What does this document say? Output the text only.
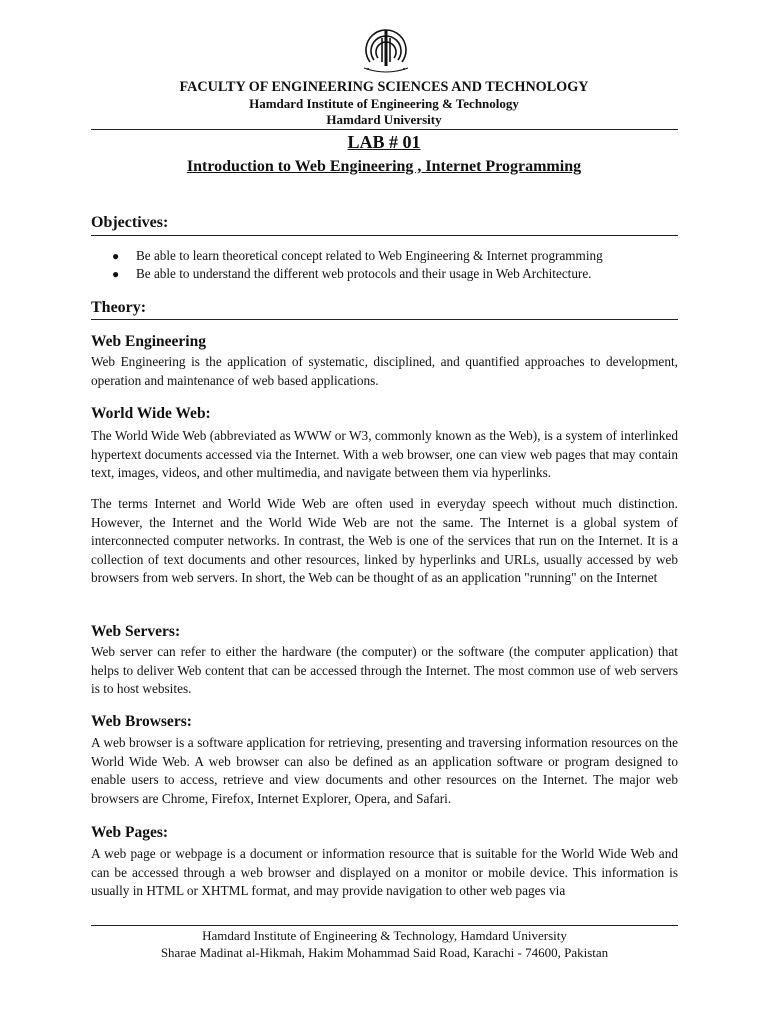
FACULTY OF ENGINEERING SCIENCES AND TECHNOLOGY
Hamdard Institute of Engineering & Technology
Hamdard University
LAB # 01
Introduction to Web Engineering , Internet Programming
Objectives:
● Be able to learn theoretical concept related to Web Engineering & Internet programming
● Be able to understand the different web protocols and their usage in Web Architecture.
Theory:
Web Engineering

Web Engineering is the application of systematic, disciplined, and quantified approaches to development, operation and maintenance of web based applications.

World Wide Web:

The World Wide Web (abbreviated as WWW or W3, commonly known as the Web), is a system of interlinked hypertext documents accessed via the Internet. With a web browser, one can view web pages that may contain text, images, videos, and other multimedia, and navigate between them via hyperlinks.

The terms Internet and World Wide Web are often used in everyday speech without much distinction. However, the Internet and the World Wide Web are not the same. The Internet is a global system of interconnected computer networks. In contrast, the Web is one of the services that run on the Internet. It is a collection of text documents and other resources, linked by hyperlinks and URLs, usually accessed by web browsers from web servers. In short, the Web can be thought of as an application "running" on the Internet

Web Servers:

Web server can refer to either the hardware (the computer) or the software (the computer application) that helps to deliver Web content that can be accessed through the Internet. The most common use of web servers is to host websites.

Web Browsers:

A web browser is a software application for retrieving, presenting and traversing information resources on the World Wide Web. A web browser can also be defined as an application software or program designed to enable users to access, retrieve and view documents and other resources on the Internet. The major web browsers are Chrome, Firefox, Internet Explorer, Opera, and Safari.

Web Pages:

A web page or webpage is a document or information resource that is suitable for the World Wide Web and can be accessed through a web browser and displayed on a monitor or mobile device. This information is usually in HTML or XHTML format, and may provide navigation to other web pages via

Hamdard Institute of Engineering & Technology, Hamdard University
Sharae Madinat al-Hikmah, Hakim Mohammad Said Road, Karachi - 74600, Pakistan
